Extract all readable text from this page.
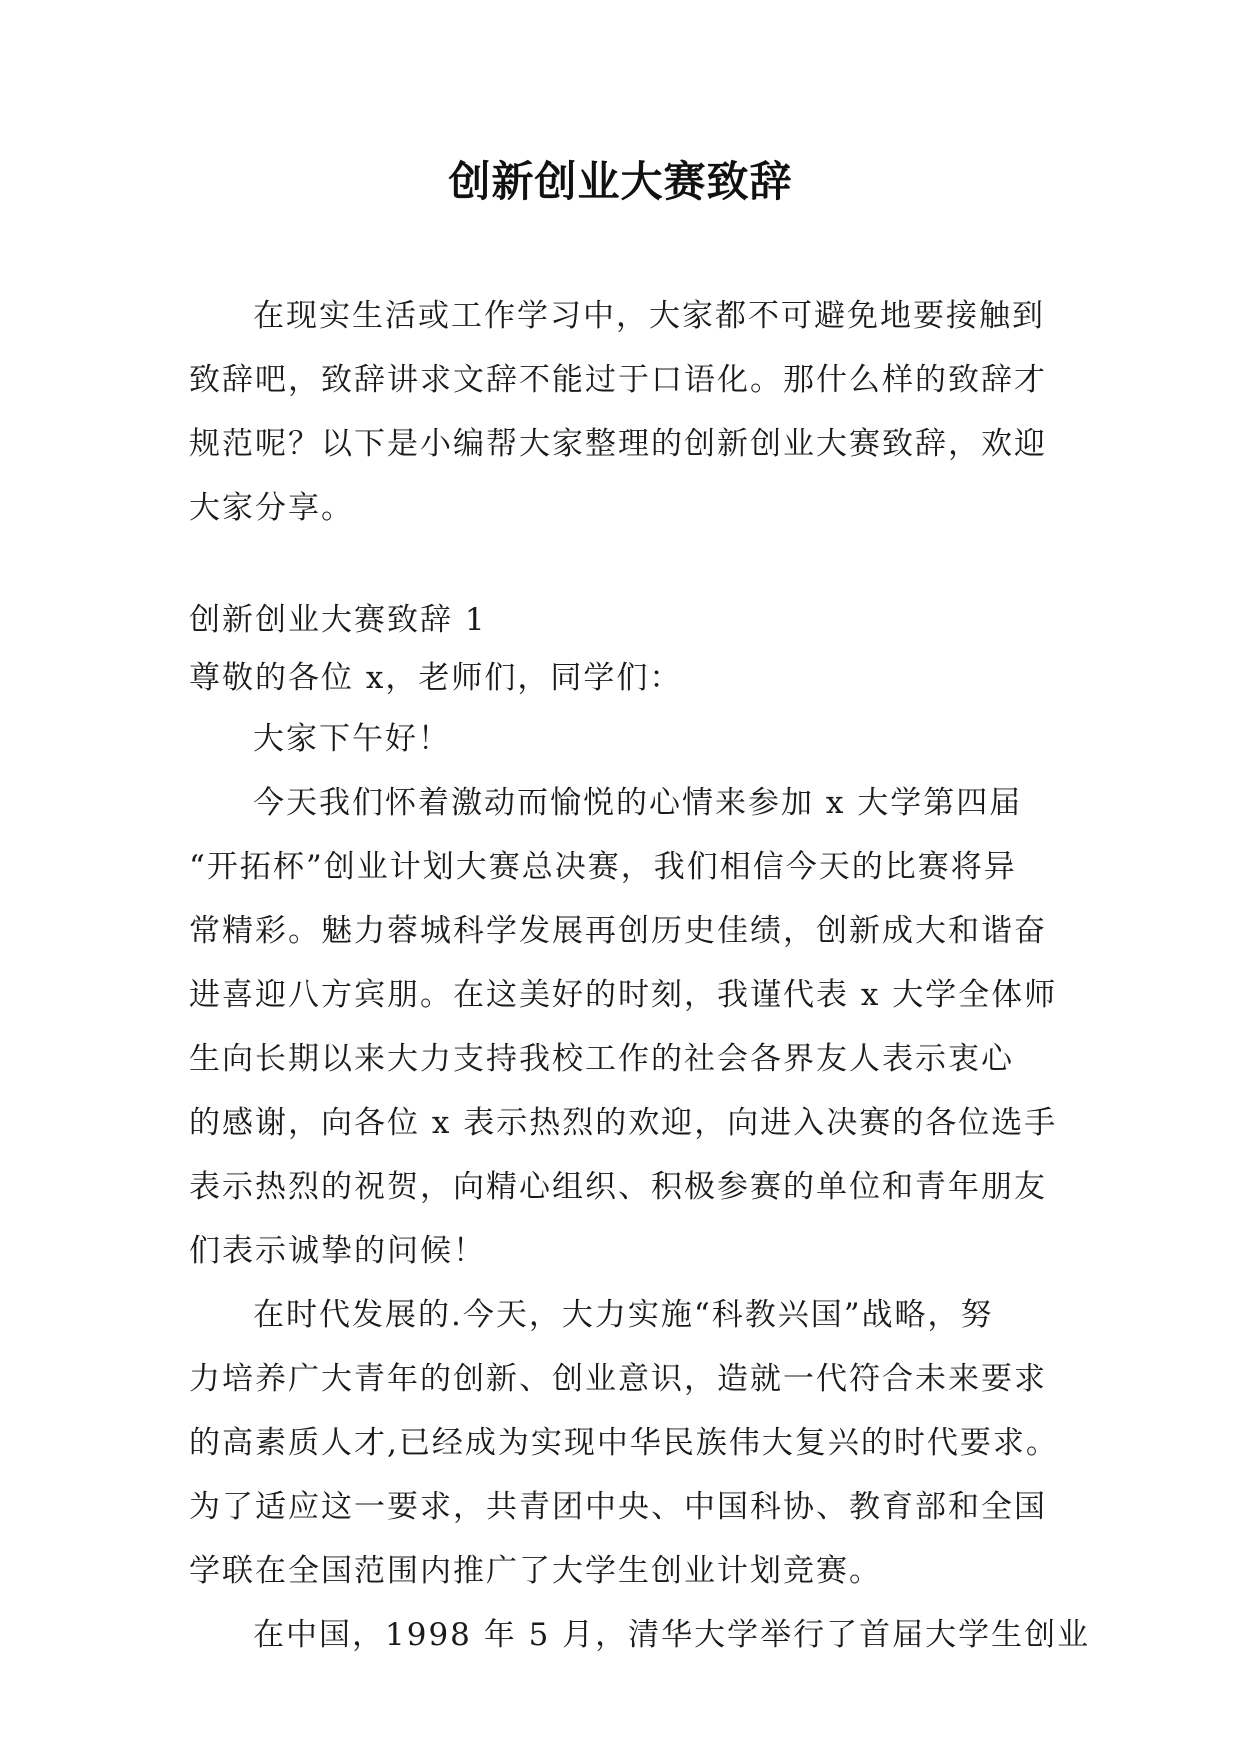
创新创业大赛致辞
在现实生活或工作学习中，大家都不可避免地要接触到
致辞吧，致辞讲求文辞不能过于口语化。那什么样的致辞才
规范呢？以下是小编帮大家整理的创新创业大赛致辞，欢迎
大家分享。
创新创业大赛致辞 1
尊敬的各位 x，老师们，同学们：
大家下午好！
今天我们怀着激动而愉悦的心情来参加 x 大学第四届
“开拓杯”创业计划大赛总决赛，我们相信今天的比赛将异
常精彩。魅力蓉城科学发展再创历史佳绩，创新成大和谐奋
进喜迎八方宾朋。在这美好的时刻，我谨代表 x 大学全体师
生向长期以来大力支持我校工作的社会各界友人表示衷心
的感谢，向各位 x 表示热烈的欢迎，向进入决赛的各位选手
表示热烈的祝贺，向精心组织、积极参赛的单位和青年朋友
们表示诚挚的问候！
在时代发展的.今天，大力实施“科教兴国”战略，努
力培养广大青年的创新、创业意识，造就一代符合未来要求
的高素质人才,已经成为实现中华民族伟大复兴的时代要求。
为了适应这一要求，共青团中央、中国科协、教育部和全国
学联在全国范围内推广了大学生创业计划竞赛。
在中国，1998 年 5 月，清华大学举行了首届大学生创业
